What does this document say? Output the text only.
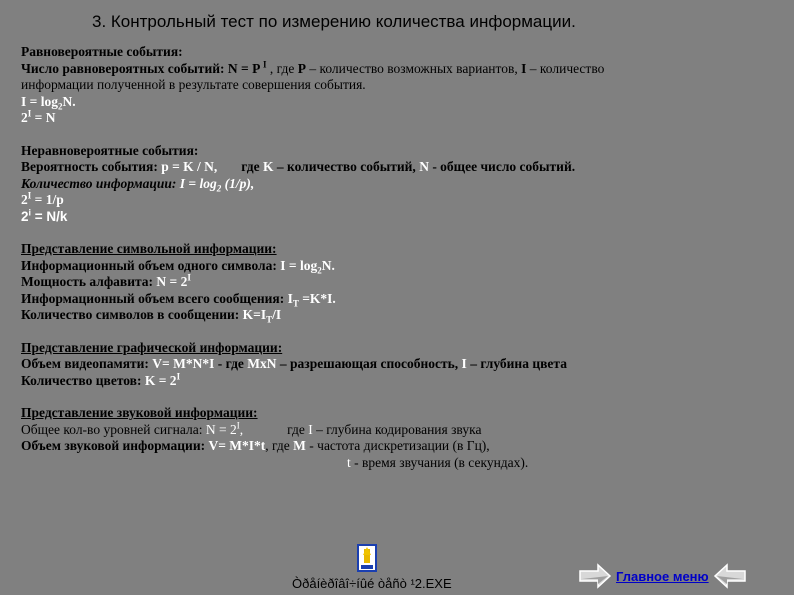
3. Контрольный тест по измерению количества информации.
Равновероятные события:
Число равновероятных событий: N = P $^I$ , где P – количество возможных вариантов, I – количество
информации полученной в результате совершения события.
$I = \log_2N$.
$2^I = N$
Неравновероятные события:
Вероятность события: p = K / N, где K – количество событий, N - общее число событий.
Количество информации: $I = \log_2 (1/p)$,
$2^I = 1/p$
$2^i = N/k$
Представление символьной информации:
Информационный объем одного символа: $I = \log_2N$.
Мощность алфавита: $N = 2^I$
Информационный объем всего сообщения: $I_T =K*I$.
Количество символов в сообщении: $K=I_T/I$
Представление графической информации:
Объем видеопамяти: V= M*N*I - где MxN – разрешающая способность, I – глубина цвета
Количество цветов: $K = 2^I$
Представление звуковой информации:
Общее кол-во уровней сигнала: $N = 2^I$,	где I – глубина кодирования звука
Объем звуковой информации: V= M*I*t, где M - частота дискретизации (в Гц),
t - время звучания (в секундах).
Òðåíèðîâî÷íûé òåñò ¹2.EXE	Главное меню
